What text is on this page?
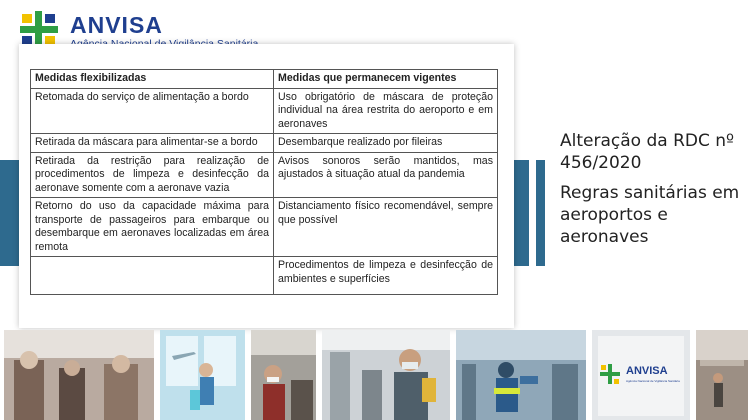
ANVISA
Medidas flexibilizadas	Medidas que permanecem vigentes
Retomada do serviço de alimentação a bordo	Uso obrigatório de máscara de proteção individual na área restrita do aeroporto e em aeronaves
Retirada da máscara para alimentar-se a bordo	Desembarque realizado por fileiras
Retirada da restrição para realização de procedimentos de limpeza e desinfecção da aeronave somente com a aeronave vazia	Avisos sonoros serão mantidos, mas ajustados à situação atual da pandemia
Retorno do uso da capacidade máxima para transporte de passageiros para embarque ou desembarque em aeronaves localizadas em área remota	Distanciamento físico recomendável, sempre que possível
	Procedimentos de limpeza e desinfecção de ambientes e superfícies
Alteração da RDC nº 456/2020
Regras sanitárias em aeroportos e aeronaves
ANVISA
Agência Nacional de Vigilância Sanitária
